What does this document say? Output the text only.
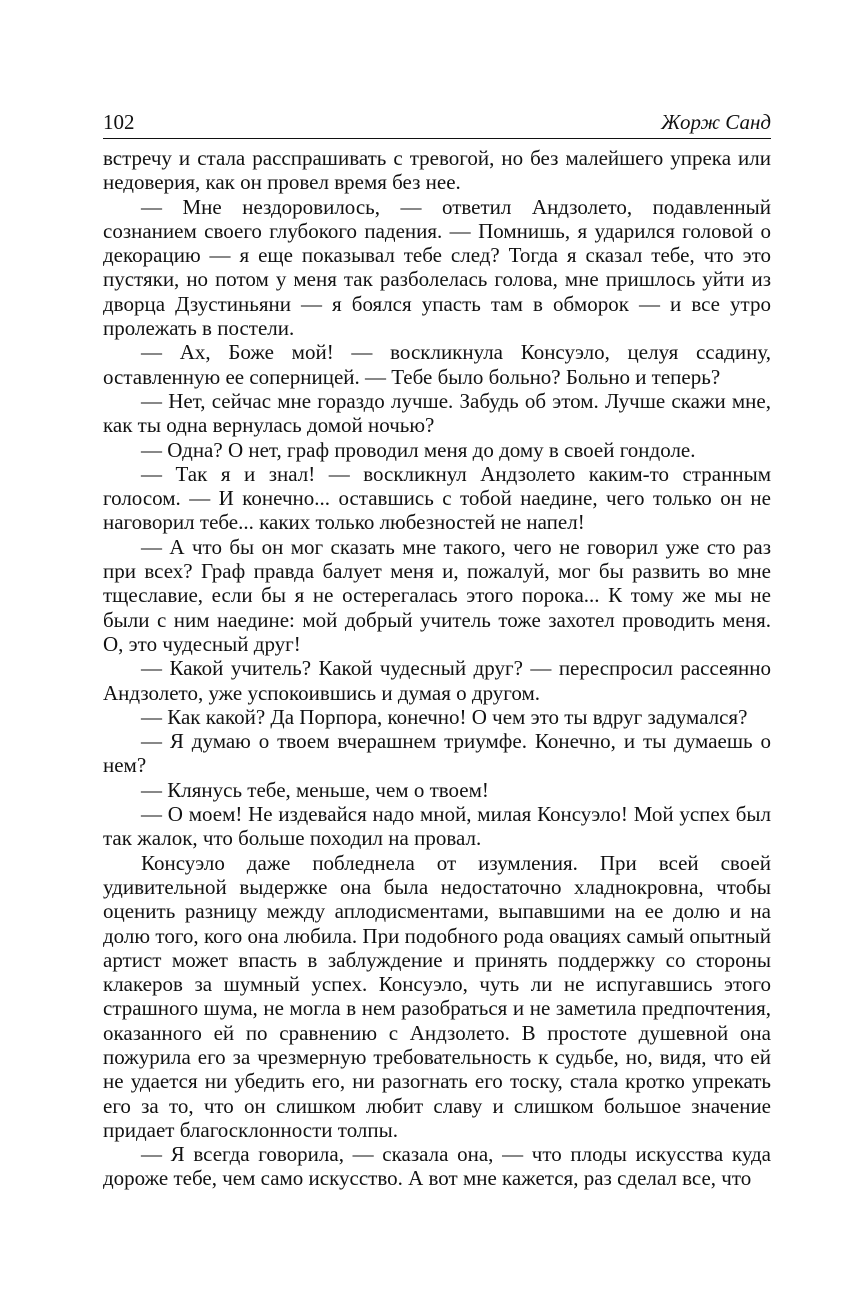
102	Жорж Санд

встречу и стала расспрашивать с тревогой, но без малейшего упрека или недоверия, как он провел время без нее.

— Мне нездоровилось, — ответил Андзолето, подавленный сознанием своего глубокого падения. — Помнишь, я ударился головой о декорацию — я еще показывал тебе след? Тогда я сказал тебе, что это пустяки, но потом у меня так разболелась голова, мне пришлось уйти из дворца Дзустиньяни — я боялся упасть там в обморок — и все утро пролежать в постели.

— Ах, Боже мой! — воскликнула Консуэло, целуя ссадину, оставленную ее соперницей. — Тебе было больно? Больно и теперь?

— Нет, сейчас мне гораздо лучше. Забудь об этом. Лучше скажи мне, как ты одна вернулась домой ночью?

— Одна? О нет, граф проводил меня до дому в своей гондоле.

— Так я и знал! — воскликнул Андзолето каким-то странным голосом. — И конечно... оставшись с тобой наедине, чего только он не наговорил тебе... каких только любезностей не напел!

— А что бы он мог сказать мне такого, чего не говорил уже сто раз при всех? Граф правда балует меня и, пожалуй, мог бы развить во мне тщеславие, если бы я не остерегалась этого порока... К тому же мы не были с ним наедине: мой добрый учитель тоже захотел проводить меня. О, это чудесный друг!

— Какой учитель? Какой чудесный друг? — переспросил рассеянно Андзолето, уже успокоившись и думая о другом.

— Как какой? Да Порпора, конечно! О чем это ты вдруг задумался?

— Я думаю о твоем вчерашнем триумфе. Конечно, и ты думаешь о нем?

— Клянусь тебе, меньше, чем о твоем!

— О моем! Не издевайся надо мной, милая Консуэло! Мой успех был так жалок, что больше походил на провал.

Консуэло даже побледнела от изумления. При всей своей удивительной выдержке она была недостаточно хладнокровна, чтобы оценить разницу между аплодисментами, выпавшими на ее долю и на долю того, кого она любила. При подобного рода овациях самый опытный артист может впасть в заблуждение и принять поддержку со стороны клакеров за шумный успех. Консуэло, чуть ли не испугавшись этого страшного шума, не могла в нем разобраться и не заметила предпочтения, оказанного ей по сравнению с Андзолето. В простоте душевной она пожурила его за чрезмерную требовательность к судьбе, но, видя, что ей не удается ни убедить его, ни разогнать его тоску, стала кротко упрекать его за то, что он слишком любит славу и слишком большое значение придает благосклонности толпы.

— Я всегда говорила, — сказала она, — что плоды искусства куда дороже тебе, чем само искусство. А вот мне кажется, раз сделал все, что
